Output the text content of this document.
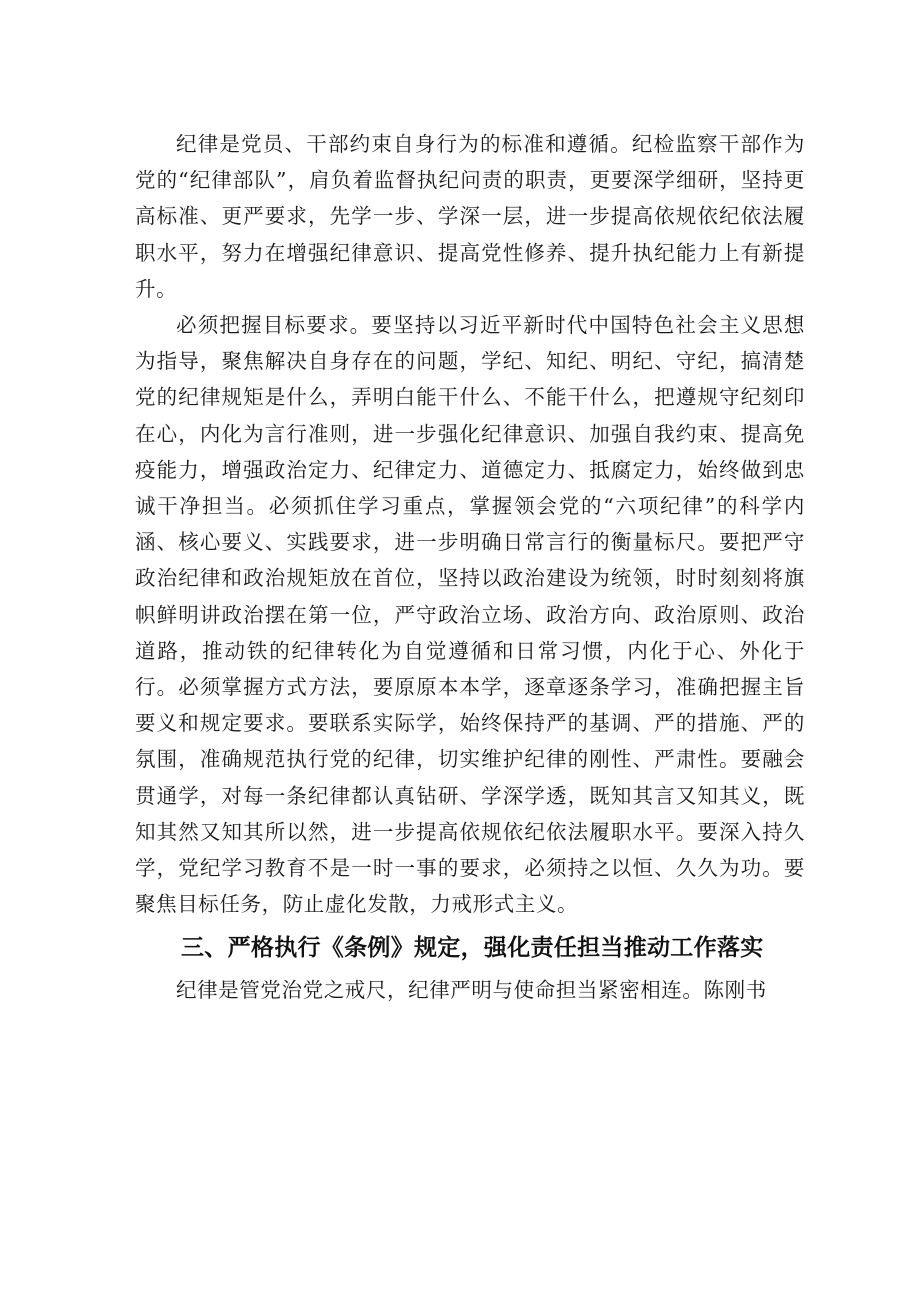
纪律是党员、干部约束自身行为的标准和遵循。纪检监察干部作为党的“纪律部队”，肩负着监督执纪问责的职责，更要深学细研，坚持更高标准、更严要求，先学一步、学深一层，进一步提高依规依纪依法履职水平，努力在增强纪律意识、提高党性修养、提升执纪能力上有新提升。

必须把握目标要求。要坚持以习近平新时代中国特色社会主义思想为指导，聚焦解决自身存在的问题，学纪、知纪、明纪、守纪，搞清楚党的纪律规矩是什么，弄明白能干什么、不能干什么，把遵规守纪刻印在心，内化为言行准则，进一步强化纪律意识、加强自我约束、提高免疫能力，增强政治定力、纪律定力、道德定力、抵腐定力，始终做到忠诚干净担当。必须抓住学习重点，掌握领会党的“六项纪律”的科学内涵、核心要义、实践要求，进一步明确日常言行的衡量标尺。要把严守政治纪律和政治规矩放在首位，坚持以政治建设为统领，时时刻刻将旗帜鲜明讲政治摆在第一位，严守政治立场、政治方向、政治原则、政治道路，推动铁的纪律转化为自觉遵循和日常习惯，内化于心、外化于行。必须掌握方式方法，要原原本本学，逐章逐条学习，准确把握主旨要义和规定要求。要联系实际学，始终保持严的基调、严的措施、严的氛围，准确规范执行党的纪律，切实维护纪律的刚性、严肃性。要融会贯通学，对每一条纪律都认真钻研、学深学透，既知其言又知其义，既知其然又知其所以然，进一步提高依规依纪依法履职水平。要深入持久学，党纪学习教育不是一时一事的要求，必须持之以恒、久久为功。要聚焦目标任务，防止虚化发散，力戒形式主义。

三、严格执行《条例》规定，强化责任担当推动工作落实

纪律是管党治党之戒尺，纪律严明与使命担当紧密相连。陈刚书
